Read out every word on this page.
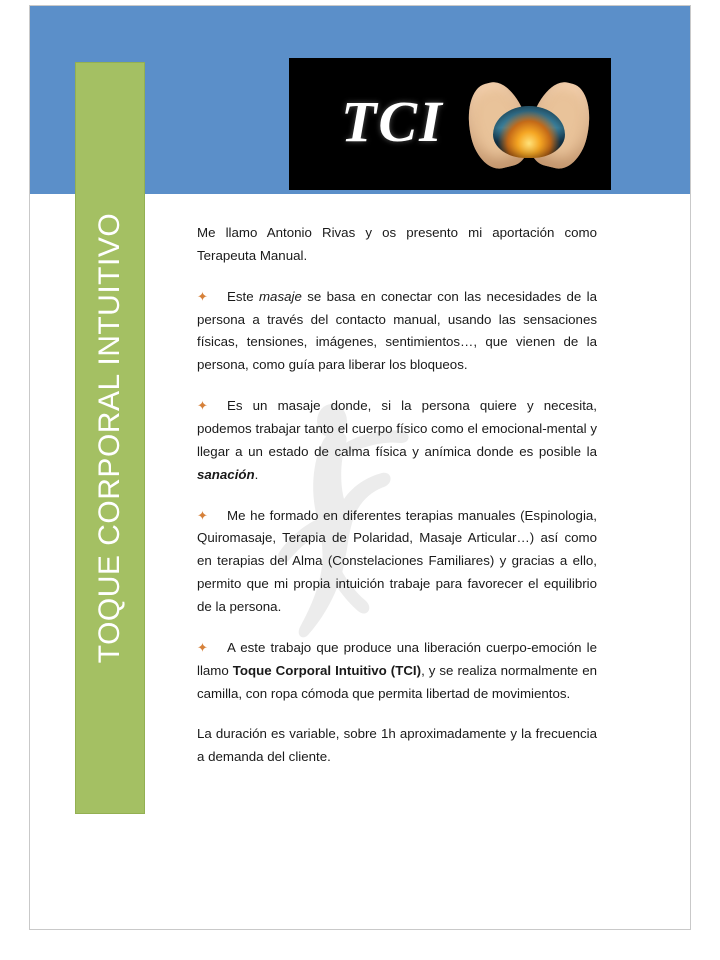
TOQUE CORPORAL INTUITIVO
TCI

Me llamo Antonio Rivas y os presento mi aportación como Terapeuta Manual.

✦ Este masaje se basa en conectar con las necesidades de la persona a través del contacto manual, usando las sensaciones físicas, tensiones, imágenes, sentimientos…, que vienen de la persona, como guía para liberar los bloqueos.

✦ Es un masaje donde, si la persona quiere y necesita, podemos trabajar tanto el cuerpo físico como el emocional-mental y llegar a un estado de calma física y anímica donde es posible la sanación.

✦ Me he formado en diferentes terapias manuales (Espinologia, Quiromasaje, Terapia de Polaridad, Masaje Articular…) así como en terapias del Alma (Constelaciones Familiares) y gracias a ello, permito que mi propia intuición trabaje para favorecer el equilibrio de la persona.

✦ A este trabajo que produce una liberación cuerpo-emoción le llamo Toque Corporal Intuitivo (TCI), y se realiza normalmente en camilla, con ropa cómoda que permita libertad de movimientos.

La duración es variable, sobre 1h aproximadamente y la frecuencia a demanda del cliente.
